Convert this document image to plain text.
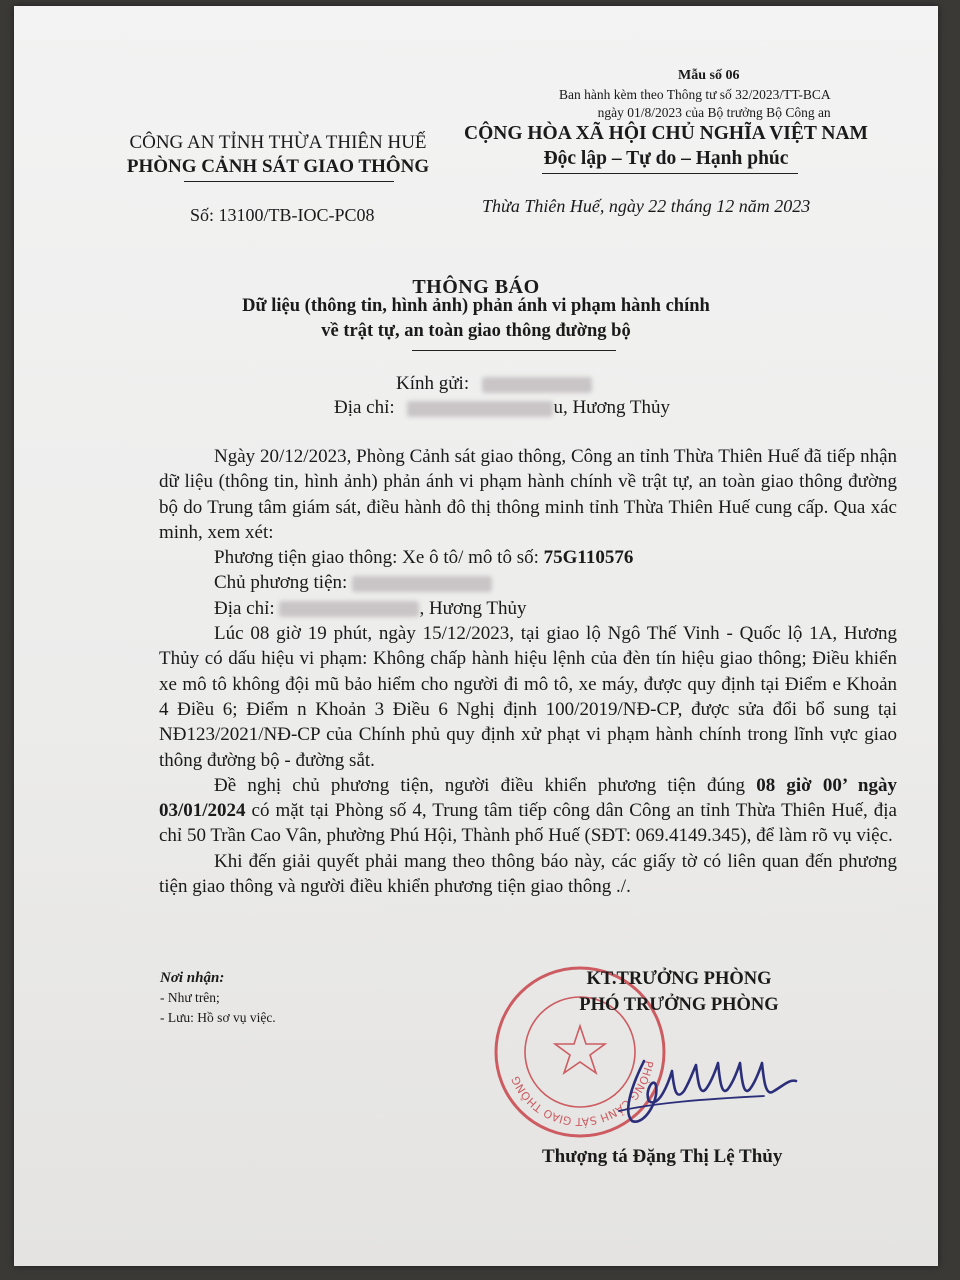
Mẫu số 06
Ban hành kèm theo Thông tư số 32/2023/TT-BCA
ngày 01/8/2023 của Bộ trưởng Bộ Công an
CÔNG AN TỈNH THỪA THIÊN HUẾ
PHÒNG CẢNH SÁT GIAO THÔNG
CỘNG HÒA XÃ HỘI CHỦ NGHĨA VIỆT NAM
Độc lập – Tự do – Hạnh phúc
Số: 13100/TB-IOC-PC08	Thừa Thiên Huế, ngày 22 tháng 12 năm 2023
THÔNG BÁO
Dữ liệu (thông tin, hình ảnh) phản ánh vi phạm hành chính
về trật tự, an toàn giao thông đường bộ
Kính gửi:
Địa chỉ:	u, Hương Thủy

Ngày 20/12/2023, Phòng Cảnh sát giao thông, Công an tỉnh Thừa Thiên Huế đã tiếp nhận dữ liệu (thông tin, hình ảnh) phản ánh vi phạm hành chính về trật tự, an toàn giao thông đường bộ do Trung tâm giám sát, điều hành đô thị thông minh tỉnh Thừa Thiên Huế cung cấp. Qua xác minh, xem xét:

Phương tiện giao thông: Xe ô tô/ mô tô số: 75G110576

Chủ phương tiện:

Địa chỉ:	, Hương Thủy

Lúc 08 giờ 19 phút, ngày 15/12/2023, tại giao lộ Ngô Thế Vinh - Quốc lộ 1A, Hương Thủy có dấu hiệu vi phạm: Không chấp hành hiệu lệnh của đèn tín hiệu giao thông; Điều khiển xe mô tô không đội mũ bảo hiểm cho người đi mô tô, xe máy, được quy định tại Điểm e Khoản 4 Điều 6; Điểm n Khoản 3 Điều 6 Nghị định 100/2019/NĐ-CP, được sửa đổi bổ sung tại NĐ123/2021/NĐ-CP của Chính phủ quy định xử phạt vi phạm hành chính trong lĩnh vực giao thông đường bộ - đường sắt.

Đề nghị chủ phương tiện, người điều khiển phương tiện đúng 08 giờ 00’ ngày 03/01/2024 có mặt tại Phòng số 4, Trung tâm tiếp công dân Công an tỉnh Thừa Thiên Huế, địa chỉ 50 Trần Cao Vân, phường Phú Hội, Thành phố Huế (SĐT: 069.4149.345), để làm rõ vụ việc.

Khi đến giải quyết phải mang theo thông báo này, các giấy tờ có liên quan đến phương tiện giao thông và người điều khiển phương tiện giao thông ./.

Nơi nhận:
- Như trên;
- Lưu: Hồ sơ vụ việc.
PHÒNG CẢNH SÁT GIAO THÔNG
KT.TRƯỞNG PHÒNG
PHÓ TRƯỞNG PHÒNG
Thượng tá Đặng Thị Lệ Thủy
